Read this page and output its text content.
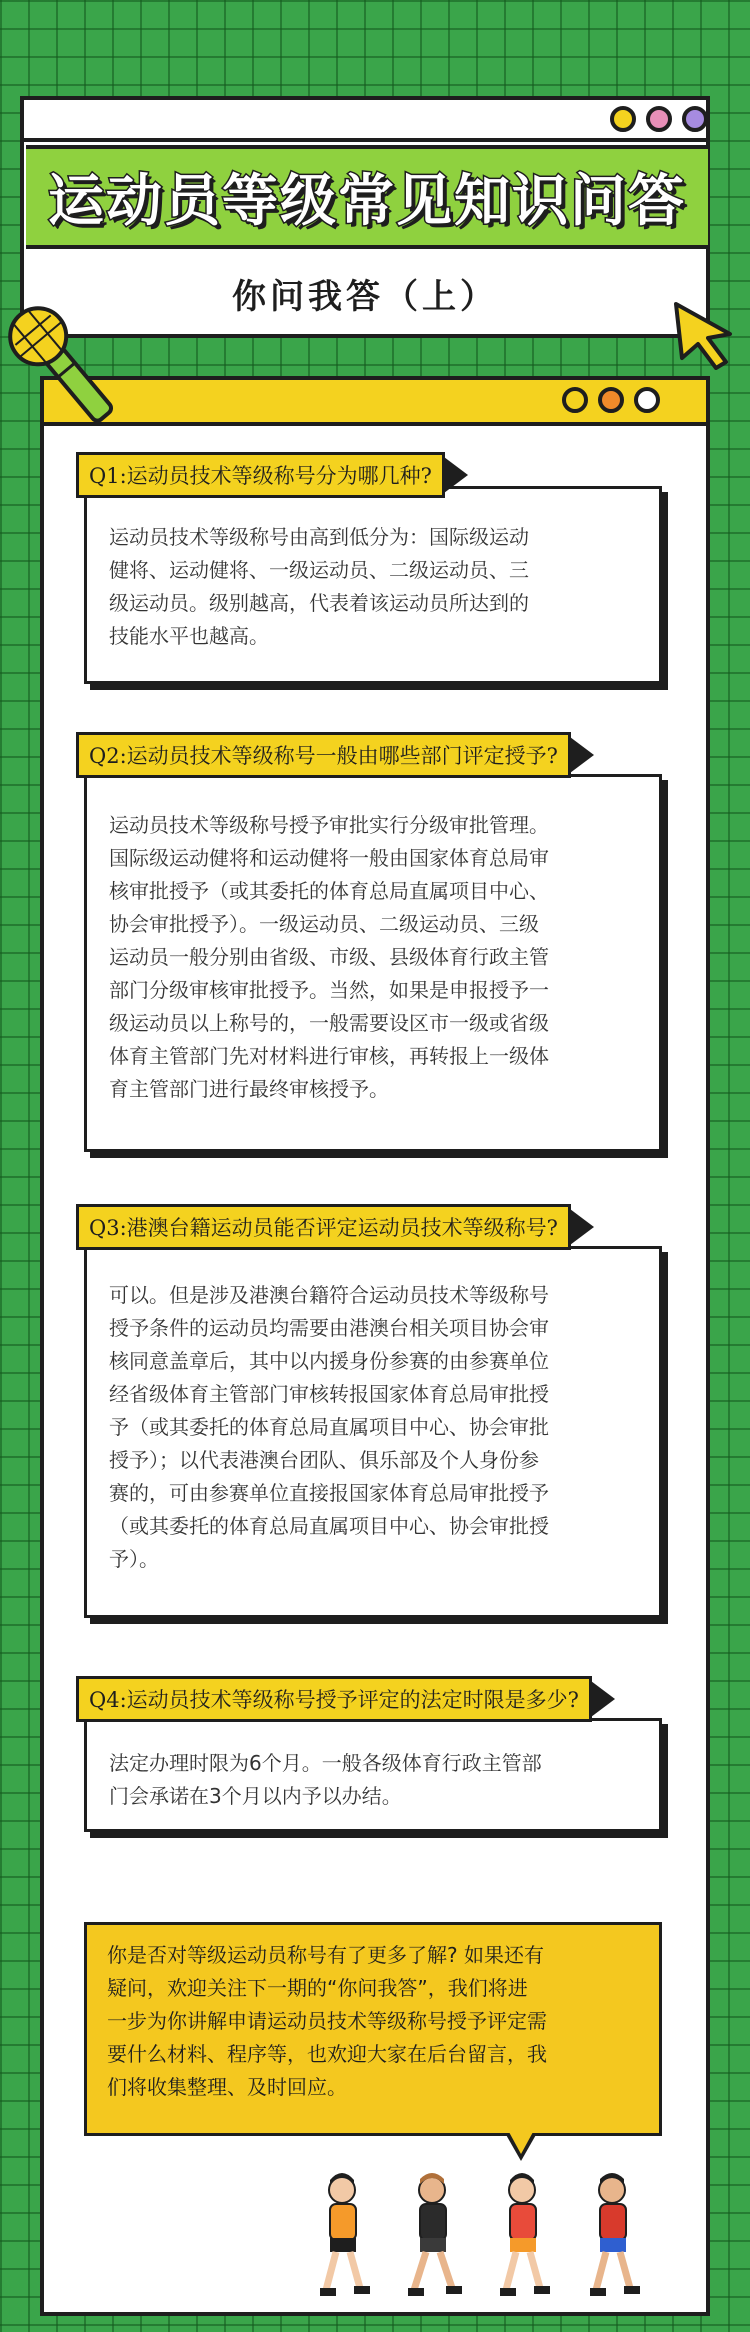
运动员等级常见知识问答
你问我答（上）
运动员技术等级称号由高到低分为：国际级运动
健将、运动健将、一级运动员、二级运动员、三
级运动员。级别越高，代表着该运动员所达到的
技能水平也越高。
Q1:运动员技术等级称号分为哪几种?
运动员技术等级称号授予审批实行分级审批管理。
国际级运动健将和运动健将一般由国家体育总局审
核审批授予（或其委托的体育总局直属项目中心、
协会审批授予）。一级运动员、二级运动员、三级
运动员一般分别由省级、市级、县级体育行政主管
部门分级审核审批授予。当然，如果是申报授予一
级运动员以上称号的，一般需要设区市一级或省级
体育主管部门先对材料进行审核，再转报上一级体
育主管部门进行最终审核授予。
Q2:运动员技术等级称号一般由哪些部门评定授予?
可以。但是涉及港澳台籍符合运动员技术等级称号
授予条件的运动员均需要由港澳台相关项目协会审
核同意盖章后，其中以内援身份参赛的由参赛单位
经省级体育主管部门审核转报国家体育总局审批授
予（或其委托的体育总局直属项目中心、协会审批
授予）；以代表港澳台团队、俱乐部及个人身份参
赛的，可由参赛单位直接报国家体育总局审批授予
（或其委托的体育总局直属项目中心、协会审批授
予）。
Q3:港澳台籍运动员能否评定运动员技术等级称号?
法定办理时限为6个月。一般各级体育行政主管部
门会承诺在3个月以内予以办结。
Q4:运动员技术等级称号授予评定的法定时限是多少?
你是否对等级运动员称号有了更多了解? 如果还有
疑问，欢迎关注下一期的“你问我答”，我们将进
一步为你讲解申请运动员技术等级称号授予评定需
要什么材料、程序等，也欢迎大家在后台留言，我
们将收集整理、及时回应。
